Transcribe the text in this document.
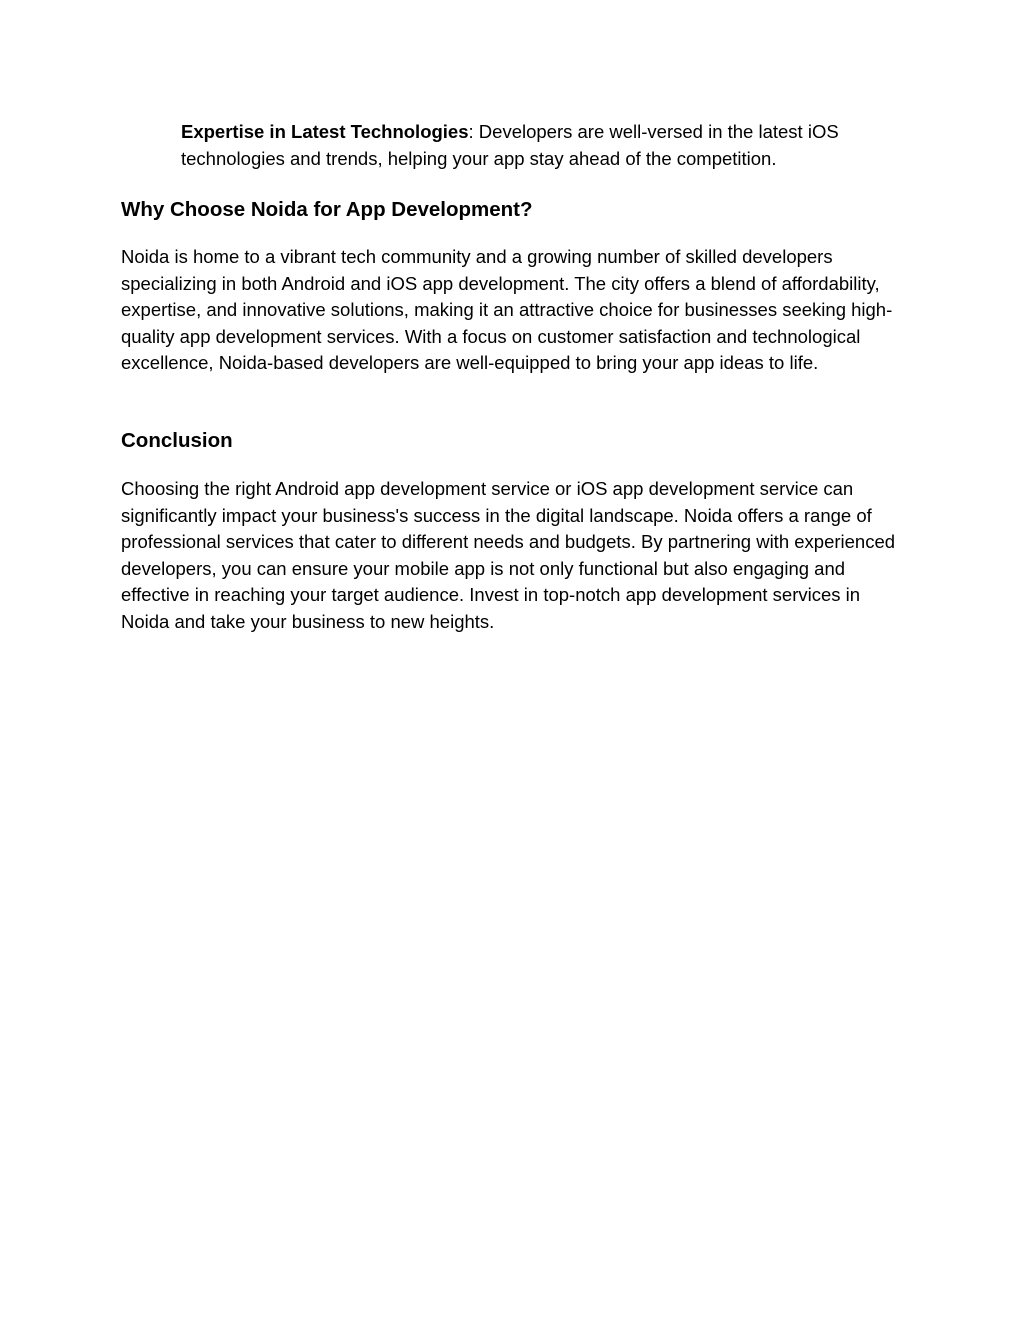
Expertise in Latest Technologies: Developers are well-versed in the latest iOS technologies and trends, helping your app stay ahead of the competition.
Why Choose Noida for App Development?

Noida is home to a vibrant tech community and a growing number of skilled developers specializing in both Android and iOS app development. The city offers a blend of affordability, expertise, and innovative solutions, making it an attractive choice for businesses seeking high-quality app development services. With a focus on customer satisfaction and technological excellence, Noida-based developers are well-equipped to bring your app ideas to life.

Conclusion

Choosing the right Android app development service or iOS app development service can significantly impact your business's success in the digital landscape. Noida offers a range of professional services that cater to different needs and budgets. By partnering with experienced developers, you can ensure your mobile app is not only functional but also engaging and effective in reaching your target audience. Invest in top-notch app development services in Noida and take your business to new heights.
